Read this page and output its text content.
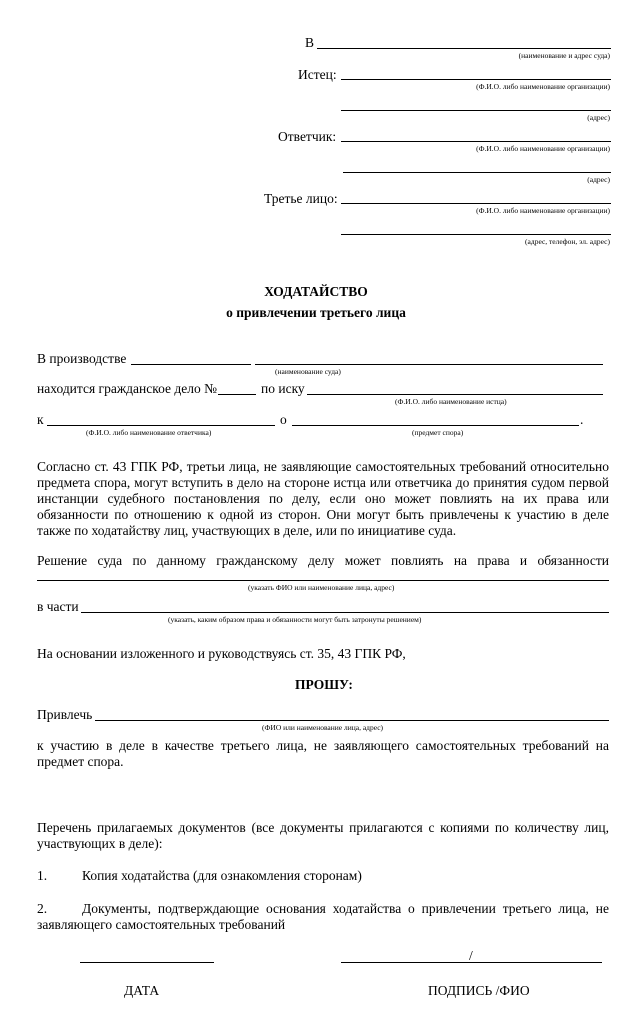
В
(наименование и адрес суда)
Истец:
(Ф.И.О. либо наименование организации)
(адрес)
Ответчик:
(Ф.И.О. либо наименование организации)
(адрес)
Третье лицо:
(Ф.И.О. либо наименование организации)
(адрес, телефон, эл. адрес)
ХОДАТАЙСТВО
о привлечении третьего лица
В производстве
(наименование суда)
находится гражданское дело №	по иску
(Ф.И.О. либо наименование истца)
к	о	.
(Ф.И.О. либо наименование ответчика)	(предмет спора)
Согласно ст. 43 ГПК РФ, третьи лица, не заявляющие самостоятельных требований относительно предмета спора, могут вступить в дело на стороне истца или ответчика до принятия судом первой инстанции судебного постановления по делу, если оно может повлиять на их права или обязанности по отношению к одной из сторон. Они могут быть привлечены к участию в деле также по ходатайству лиц, участвующих в деле, или по инициативе суда.
Решение суда по данному гражданскому делу может повлиять на права и обязанности
(указать ФИО или наименование лица, адрес)
в части
(указать, каким образом права и обязанности могут быть затронуты решением)
На основании изложенного и руководствуясь ст. 35, 43 ГПК РФ,
ПРОШУ:
Привлечь
(ФИО или наименование лица, адрес)
к участию в деле в качестве третьего лица, не заявляющего самостоятельных требований на предмет спора.
Перечень прилагаемых документов (все документы прилагаются с копиями по количеству лиц, участвующих в деле):
1.	Копия ходатайства (для ознакомления сторонам)
2.	Документы, подтверждающие основания ходатайства о привлечении третьего лица, не заявляющего самостоятельных требований
/
ДАТА	ПОДПИСЬ /ФИО
